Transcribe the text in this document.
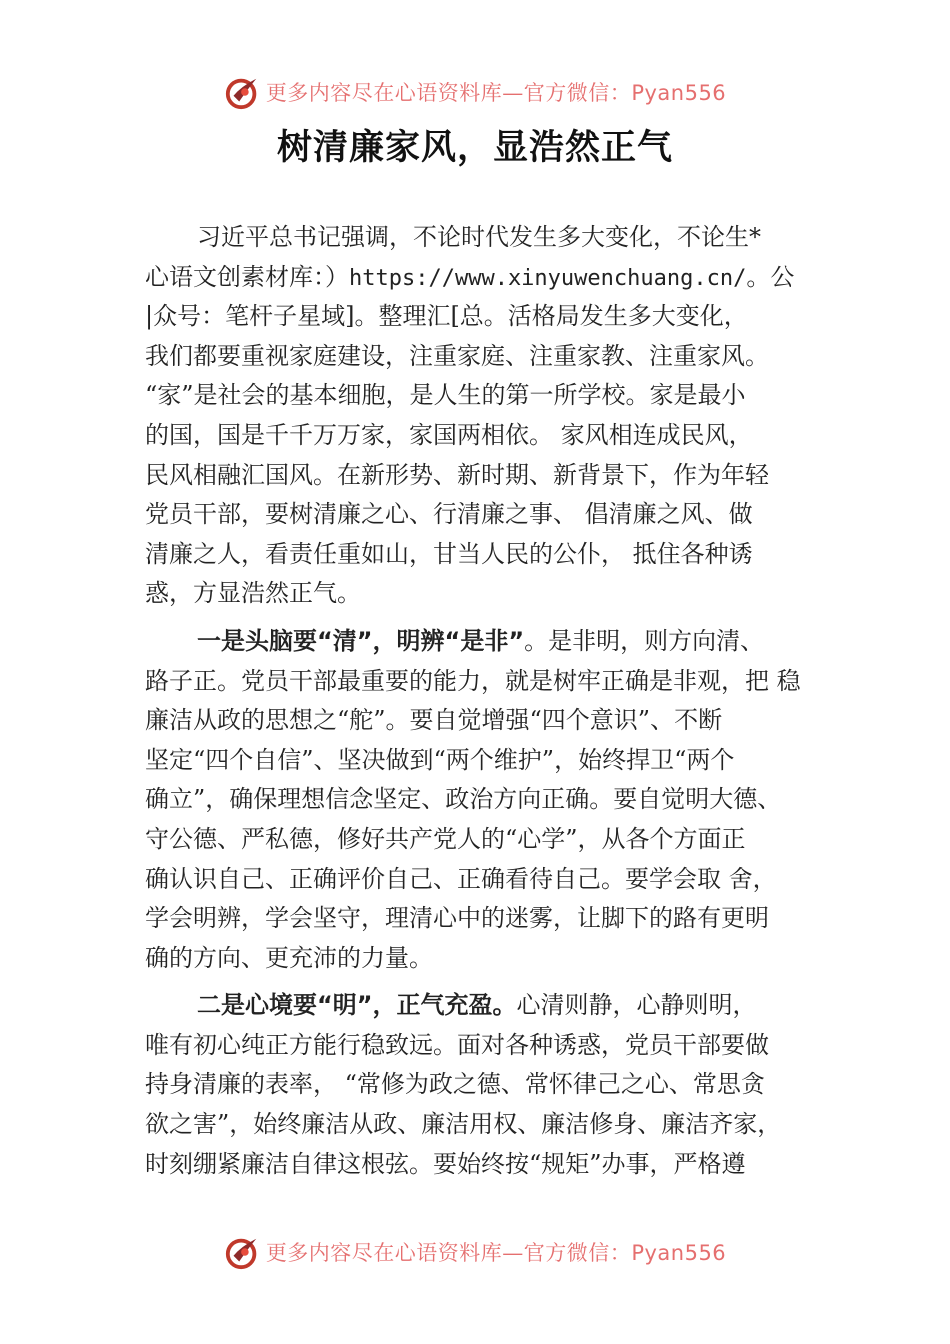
更多内容尽在心语资料库—官方微信：Pyan556
树清廉家风，显浩然正气
习近平总书记强调，不论时代发生多大变化，不论生*
心语文创素材库：）https://www.xinyuwenchuang.cn/。公
|众号：笔杆子星域]。整理汇[总。活格局发生多大变化，
我们都要重视家庭建设，注重家庭、注重家教、注重家风。
“家”是社会的基本细胞，是人生的第一所学校。家是最小
的国，国是千千万万家，家国两相依。 家风相连成民风，
民风相融汇国风。在新形势、新时期、新背景下，作为年轻
党员干部，要树清廉之心、行清廉之事、 倡清廉之风、做
清廉之人，看责任重如山，甘当人民的公仆， 抵住各种诱
惑，方显浩然正气。
一是头脑要“清”，明辨“是非”。是非明，则方向清、
路子正。党员干部最重要的能力，就是树牢正确是非观，把 稳
廉洁从政的思想之“舵”。要自觉增强“四个意识”、不断
坚定“四个自信”、坚决做到“两个维护”，始终捍卫“两个
确立”，确保理想信念坚定、政治方向正确。要自觉明大德、
守公德、严私德，修好共产党人的“心学”，从各个方面正
确认识自己、正确评价自己、正确看待自己。要学会取 舍，
学会明辨，学会坚守，理清心中的迷雾，让脚下的路有更明
确的方向、更充沛的力量。
二是心境要“明”，正气充盈。心清则静，心静则明，
唯有初心纯正方能行稳致远。面对各种诱惑，党员干部要做
持身清廉的表率， “常修为政之德、常怀律己之心、常思贪
欲之害”，始终廉洁从政、廉洁用权、廉洁修身、廉洁齐家，
时刻绷紧廉洁自律这根弦。要始终按“规矩”办事，严格遵
更多内容尽在心语资料库—官方微信：Pyan556
